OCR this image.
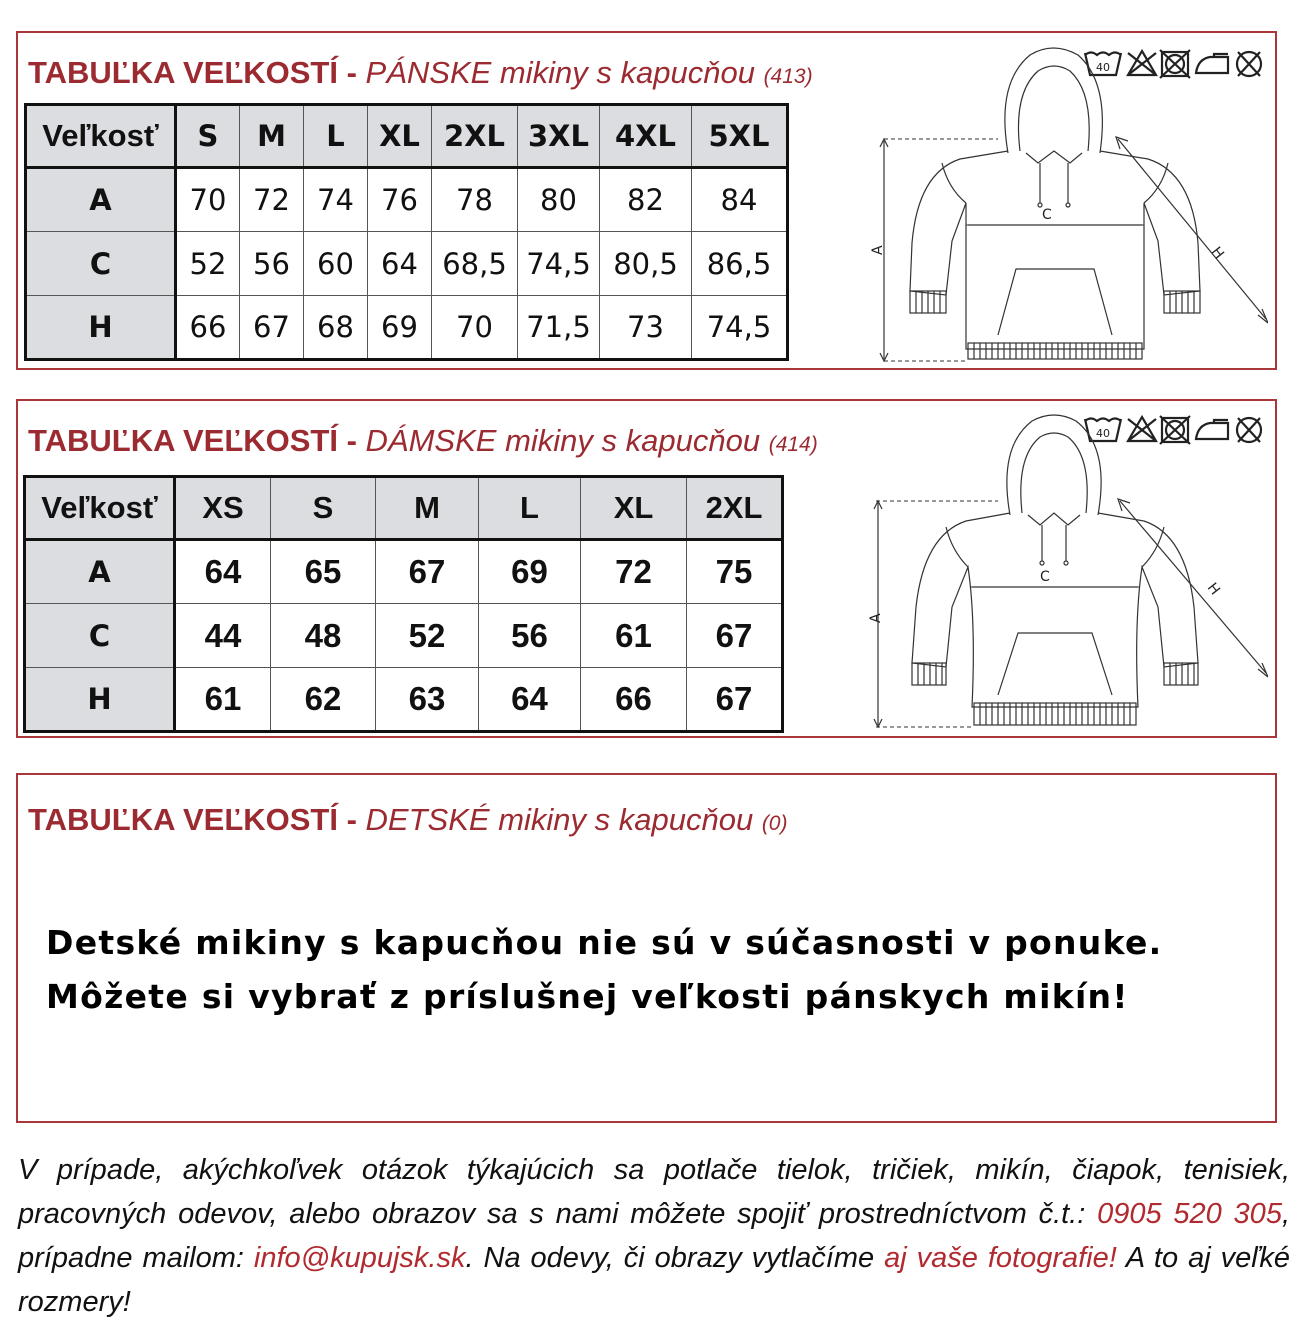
TABUĽKA VEĽKOSTÍ - PÁNSKE mikiny s kapucňou (413)
Veľkosť	S	M	L	XL	2XL	3XL	4XL	5XL
A	70	72	74	76	78	80	82	84
C	52	56	60	64	68,5	74,5	80,5	86,5
H	66	67	68	69	70	71,5	73	74,5
40
A
C
H
TABUĽKA VEĽKOSTÍ - DÁMSKE mikiny s kapucňou (414)
Veľkosť	XS	S	M	L	XL	2XL
A	64	65	67	69	72	75
C	44	48	52	56	61	67
H	61	62	63	64	66	67
40
A
C
H
TABUĽKA VEĽKOSTÍ - DETSKÉ mikiny s kapucňou (0)
Detské mikiny s kapucňou nie sú v súčasnosti v ponuke.
Môžete si vybrať z príslušnej veľkosti pánskych mikín!
V prípade, akýchkoľvek otázok týkajúcich sa potlače tielok, tričiek, mikín, čiapok, tenisiek, pracovných odevov, alebo obrazov sa s nami môžete spojiť prostredníctvom č.t.: 0905 520 305, prípadne mailom: info@kupujsk.sk. Na odevy, či obrazy vytlačíme aj vaše fotografie! A to aj veľké rozmery!
